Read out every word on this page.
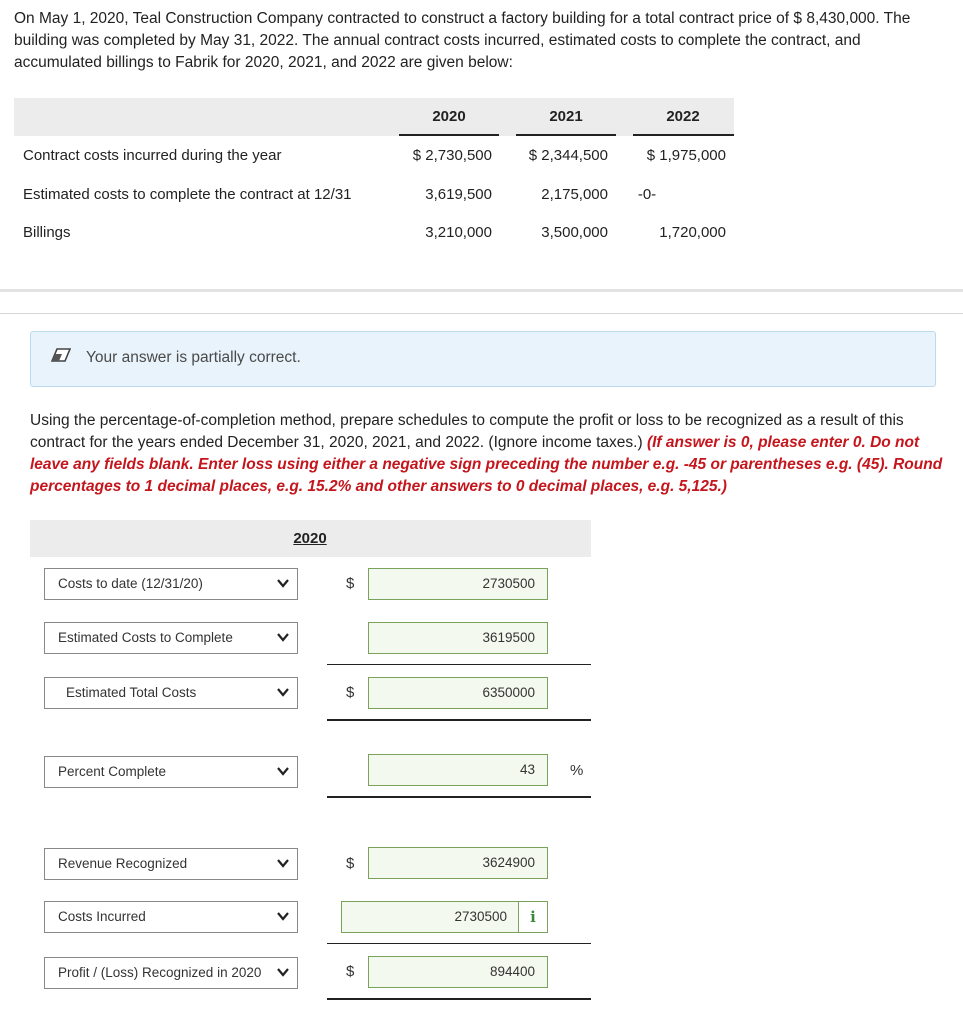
On May 1, 2020, Teal Construction Company contracted to construct a factory building for a total contract price of $ 8,430,000. The building was completed by May 31, 2022. The annual contract costs incurred, estimated costs to complete the contract, and accumulated billings to Fabrik for 2020, 2021, and 2022 are given below:
2020	2021	2022
Contract costs incurred during the year	$ 2,730,500	$ 2,344,500	$ 1,975,000
Estimated costs to complete the contract at 12/31	3,619,500	2,175,000	-0-
Billings	3,210,000	3,500,000	1,720,000
Your answer is partially correct.
Using the percentage-of-completion method, prepare schedules to compute the profit or loss to be recognized as a result of this contract for the years ended December 31, 2020, 2021, and 2022. (Ignore income taxes.) (If answer is 0, please enter 0. Do not leave any fields blank. Enter loss using either a negative sign preceding the number e.g. -45 or parentheses e.g. (45). Round percentages to 1 decimal places, e.g. 15.2% and other answers to 0 decimal places, e.g. 5,125.)
2020
Costs to date (12/31/20)	$	2730500
Estimated Costs to Complete	3619500
Estimated Total Costs	$	6350000
Percent Complete	43 %
Revenue Recognized	$	3624900
Costs Incurred	2730500	i
Profit / (Loss) Recognized in 2020	$	894400
